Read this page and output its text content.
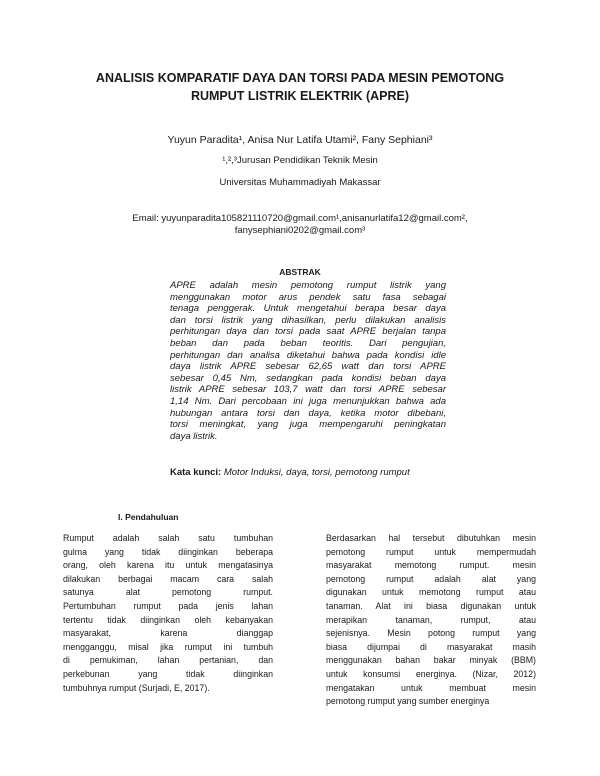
ANALISIS KOMPARATIF DAYA DAN TORSI PADA MESIN PEMOTONG
RUMPUT LISTRIK ELEKTRIK (APRE)
Yuyun Paradita¹, Anisa Nur Latifa Utami², Fany Sephiani³
¹,²,³Jurusan Pendidikan Teknik Mesin
Universitas Muhammadiyah Makassar
Email: yuyunparadita105821110720@gmail.com¹,anisanurlatifa12@gmail.com²,
fanysephiani0202@gmail.com³
ABSTRAK
APRE adalah mesin pemotong rumput listrik yang
menggunakan motor arus pendek satu fasa sebagai
tenaga penggerak. Untuk mengetahui berapa besar daya
dan torsi listrik yang dihasilkan, perlu dilakukan analisis
perhitungan daya dan torsi pada saat APRE berjalan tanpa
beban dan pada beban teoritis. Dari pengujian,
perhitungan dan analisa diketahui bahwa pada kondisi idle
daya listrik APRE sebesar 62,65 watt dan torsi APRE
sebesar 0,45 Nm, sedangkan pada kondisi beban daya
listrik APRE sebesar 103,7 watt dan torsi APRE sebesar
1,14 Nm. Dari percobaan ini juga menunjukkan bahwa ada
hubungan antara torsi dan daya, ketika motor dibebani,
torsi meningkat, yang juga mempengaruhi peningkatan
daya listrik.
Kata kunci: Motor Induksi, daya, torsi, pemotong rumput
I. Pendahuluan
Rumput adalah salah satu tumbuhan
gulma yang tidak diinginkan beberapa
orang, oleh karena itu untuk mengatasinya
dilakukan berbagai macam cara salah
satunya alat pemotong rumput.
Pertumbuhan rumput pada jenis lahan
tertentu tidak diinginkan oleh kebanyakan
masyarakat, karena dianggap
mengganggu, misal jika rumput ini tumbuh
di pemukiman, lahan pertanian, dan
perkebunan yang tidak diinginkan
tumbuhnya rumput (Surjadi, E, 2017).
Berdasarkan hal tersebut dibutuhkan mesin
pemotong rumput untuk mempermudah
masyarakat memotong rumput. mesin
pemotong rumput adalah alat yang
digunakan untuk memotong rumput atau
tanaman. Alat ini biasa digunakan untuk
merapikan tanaman, rumput, atau
sejenisnya. Mesin potong rumput yang
biasa dijumpai di masyarakat masih
menggunakan bahan bakar minyak (BBM)
untuk konsumsi energinya. (Nizar, 2012)
mengatakan untuk membuat mesin
pemotong rumput yang sumber energinya
